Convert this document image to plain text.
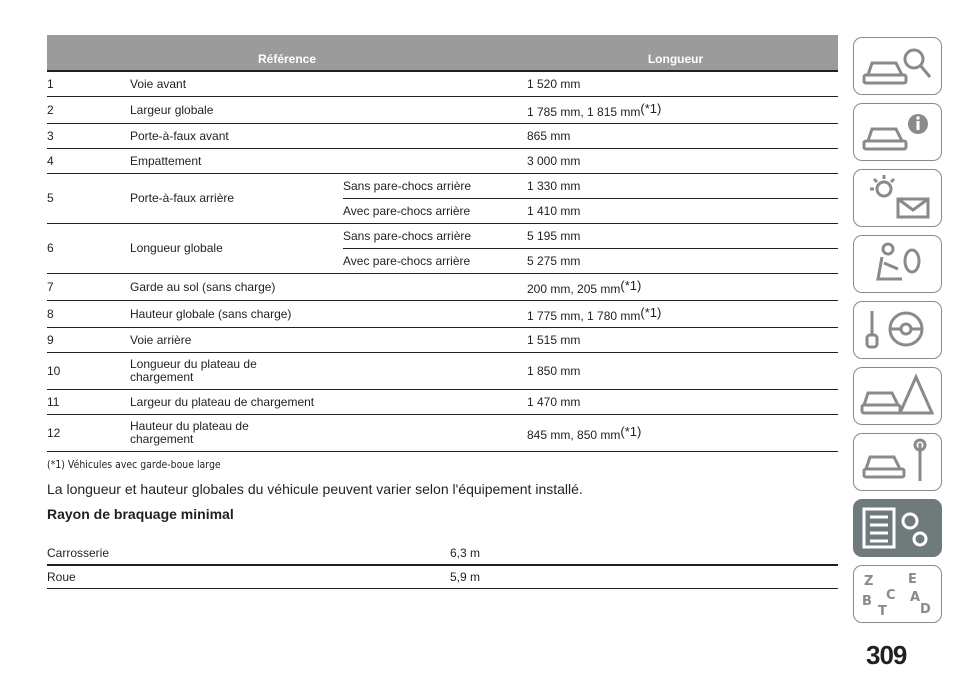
Référence			Longueur
1	Voie avant		1 520 mm
2	Largeur globale		1 785 mm, 1 815 mm(*1)
3	Porte-à-faux avant		865 mm
4	Empattement		3 000 mm
5	Porte-à-faux arrière	Sans pare-chocs arrière	1 330 mm
		Avec pare-chocs arrière	1 410 mm
6	Longueur globale	Sans pare-chocs arrière	5 195 mm
		Avec pare-chocs arrière	5 275 mm
7	Garde au sol (sans charge)		200 mm, 205 mm(*1)
8	Hauteur globale (sans charge)		1 775 mm, 1 780 mm(*1)
9	Voie arrière		1 515 mm
10	Longueur du plateau de
chargement		1 850 mm
11	Largeur du plateau de chargement		1 470 mm
12	Hauteur du plateau de
chargement		845 mm, 850 mm(*1)
(*1) Véhicules avec garde-boue large
La longueur et hauteur globales du véhicule peuvent varier selon l'équipement installé.
Rayon de braquage minimal
Carrosserie	6,3 m
Roue	5,9 m	Z	E
B C A
T	D
309
